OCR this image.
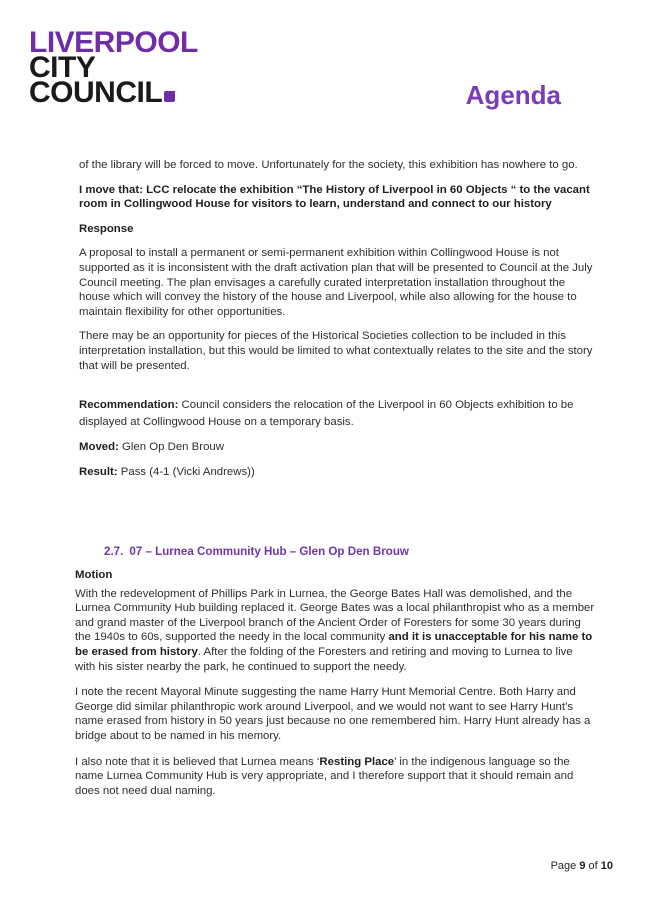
LIVERPOOL
CITY
COUNCIL	Agenda

of the library will be forced to move. Unfortunately for the society, this exhibition has nowhere to go.

I move that: LCC relocate the exhibition “The History of Liverpool in 60 Objects “ to the vacant room in Collingwood House for visitors to learn, understand and connect to our history

Response

A proposal to install a permanent or semi-permanent exhibition within Collingwood House is not supported as it is inconsistent with the draft activation plan that will be presented to Council at the July Council meeting. The plan envisages a carefully curated interpretation installation throughout the house which will convey the history of the house and Liverpool, while also allowing for the house to maintain flexibility for other opportunities.

There may be an opportunity for pieces of the Historical Societies collection to be included in this interpretation installation, but this would be limited to what contextually relates to the site and the story that will be presented.

Recommendation: Council considers the relocation of the Liverpool in 60 Objects exhibition to be displayed at Collingwood House on a temporary basis.

Moved: Glen Op Den Brouw

Result: Pass (4-1 (Vicki Andrews))

2.7. 07 – Lurnea Community Hub – Glen Op Den Brouw

Motion

With the redevelopment of Phillips Park in Lurnea, the George Bates Hall was demolished, and the Lurnea Community Hub building replaced it. George Bates was a local philanthropist who as a member and grand master of the Liverpool branch of the Ancient Order of Foresters for some 30 years during the 1940s to 60s, supported the needy in the local community and it is unacceptable for his name to be erased from history. After the folding of the Foresters and retiring and moving to Lurnea to live with his sister nearby the park, he continued to support the needy.

I note the recent Mayoral Minute suggesting the name Harry Hunt Memorial Centre. Both Harry and George did similar philanthropic work around Liverpool, and we would not want to see Harry Hunt’s name erased from history in 50 years just because no one remembered him. Harry Hunt already has a bridge about to be named in his memory.

I also note that it is believed that Lurnea means ‘Resting Place’ in the indigenous language so the name Lurnea Community Hub is very appropriate, and I therefore support that it should remain and does not need dual naming.

Page 9 of 10
